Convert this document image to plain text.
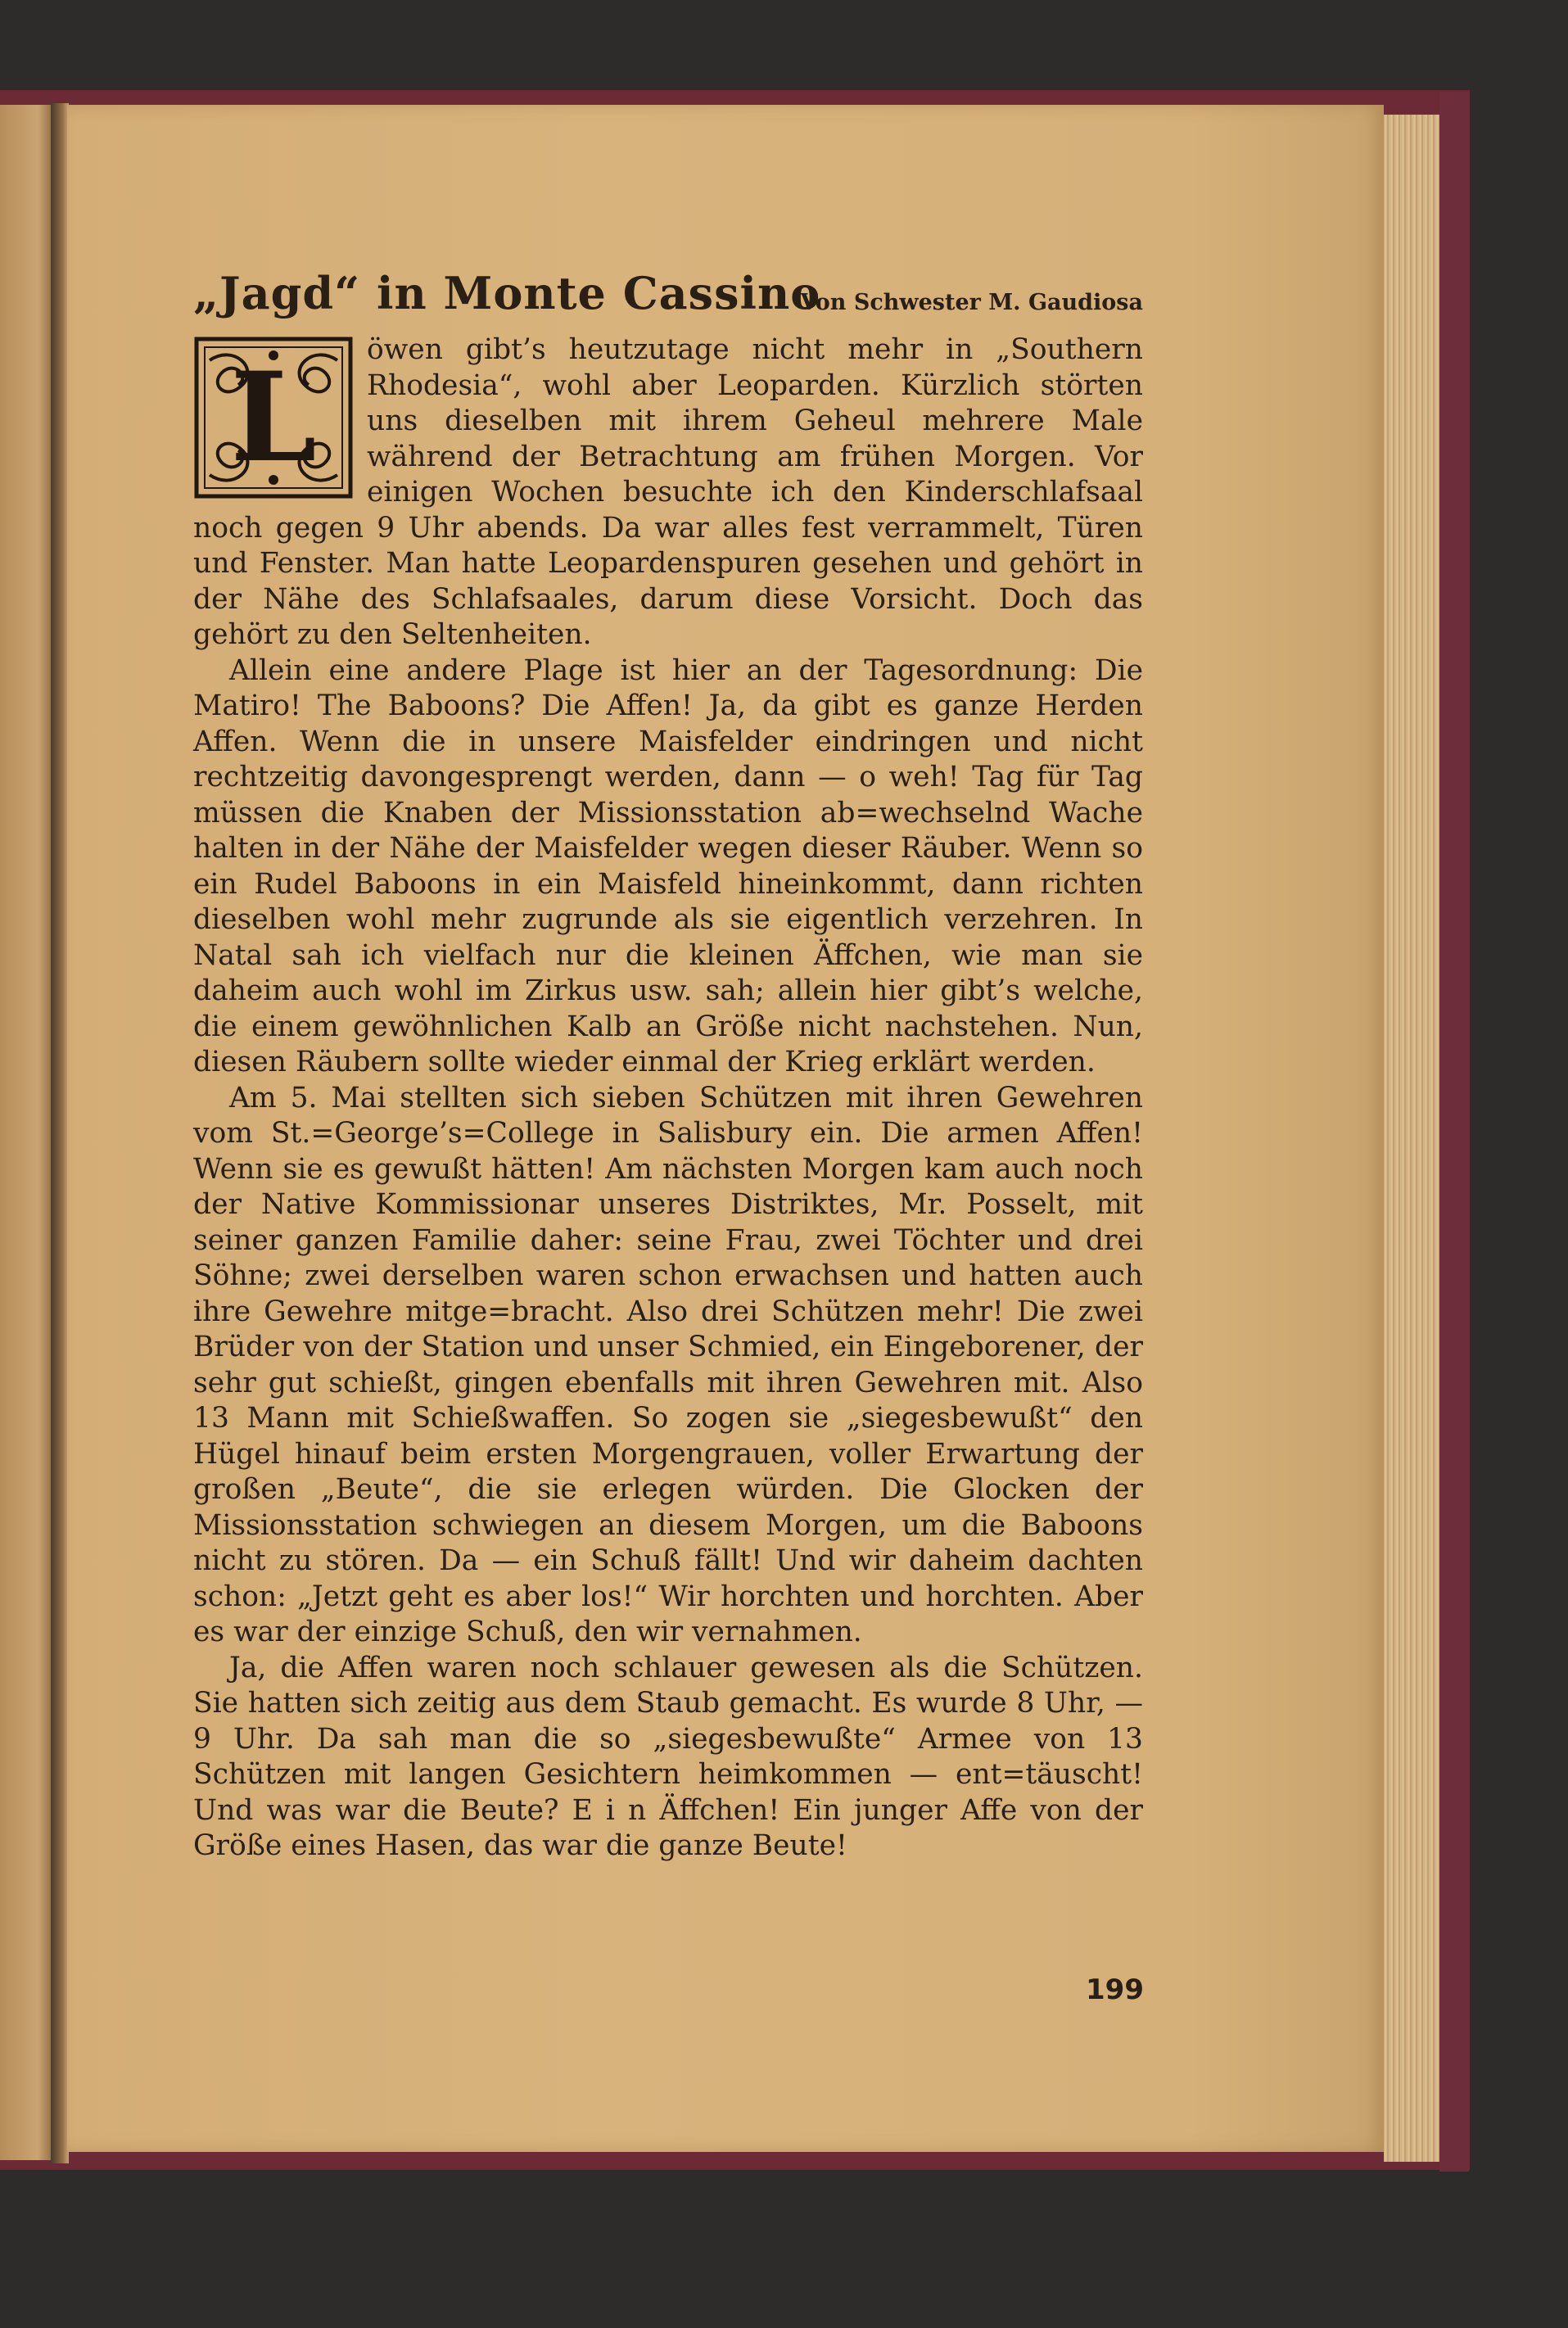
„Jagd“ in Monte Cassino
Von Schwester M. Gaudiosa

L	öwen gibt’s heutzutage nicht mehr in „Southern Rhodesia“, wohl aber Leoparden. Kürzlich störten uns dieselben mit ihrem Geheul mehrere Male während der Betrachtung am frühen Morgen. Vor einigen Wochen besuchte ich den Kinderschlafsaal noch gegen 9 Uhr abends. Da war alles fest verrammelt, Türen und Fenster. Man hatte Leopardenspuren gesehen und gehört in der Nähe des Schlafsaales, darum diese Vorsicht. Doch das gehört zu den Seltenheiten.

Allein eine andere Plage ist hier an der Tagesordnung: Die Matiro! The Baboons? Die Affen! Ja, da gibt es ganze Herden Affen. Wenn die in unsere Maisfelder eindringen und nicht rechtzeitig davongesprengt werden, dann — o weh! Tag für Tag müssen die Knaben der Missionsstation ab=wechselnd Wache halten in der Nähe der Maisfelder wegen dieser Räuber. Wenn so ein Rudel Baboons in ein Maisfeld hineinkommt, dann richten dieselben wohl mehr zugrunde als sie eigentlich verzehren. In Natal sah ich vielfach nur die kleinen Äffchen, wie man sie daheim auch wohl im Zirkus usw. sah; allein hier gibt’s welche, die einem gewöhnlichen Kalb an Größe nicht nachstehen. Nun, diesen Räubern sollte wieder einmal der Krieg erklärt werden.

Am 5. Mai stellten sich sieben Schützen mit ihren Gewehren vom St.=George’s=College in Salisbury ein. Die armen Affen! Wenn sie es gewußt hätten! Am nächsten Morgen kam auch noch der Native Kommissionar unseres Distriktes, Mr. Posselt, mit seiner ganzen Familie daher: seine Frau, zwei Töchter und drei Söhne; zwei derselben waren schon erwachsen und hatten auch ihre Gewehre mitge=bracht. Also drei Schützen mehr! Die zwei Brüder von der Station und unser Schmied, ein Eingeborener, der sehr gut schießt, gingen ebenfalls mit ihren Gewehren mit. Also 13 Mann mit Schießwaffen. So zogen sie „siegesbewußt“ den Hügel hinauf beim ersten Morgengrauen, voller Erwartung der großen „Beute“, die sie erlegen würden. Die Glocken der Missionsstation schwiegen an diesem Morgen, um die Baboons nicht zu stören. Da — ein Schuß fällt! Und wir daheim dachten schon: „Jetzt geht es aber los!“ Wir horchten und horchten. Aber es war der einzige Schuß, den wir vernahmen.

Ja, die Affen waren noch schlauer gewesen als die Schützen. Sie hatten sich zeitig aus dem Staub gemacht. Es wurde 8 Uhr, — 9 Uhr. Da sah man die so „siegesbewußte“ Armee von 13 Schützen mit langen Gesichtern heimkommen — ent=täuscht! Und was war die Beute? E i n Äffchen! Ein junger Affe von der Größe eines Hasen, das war die ganze Beute!

199
